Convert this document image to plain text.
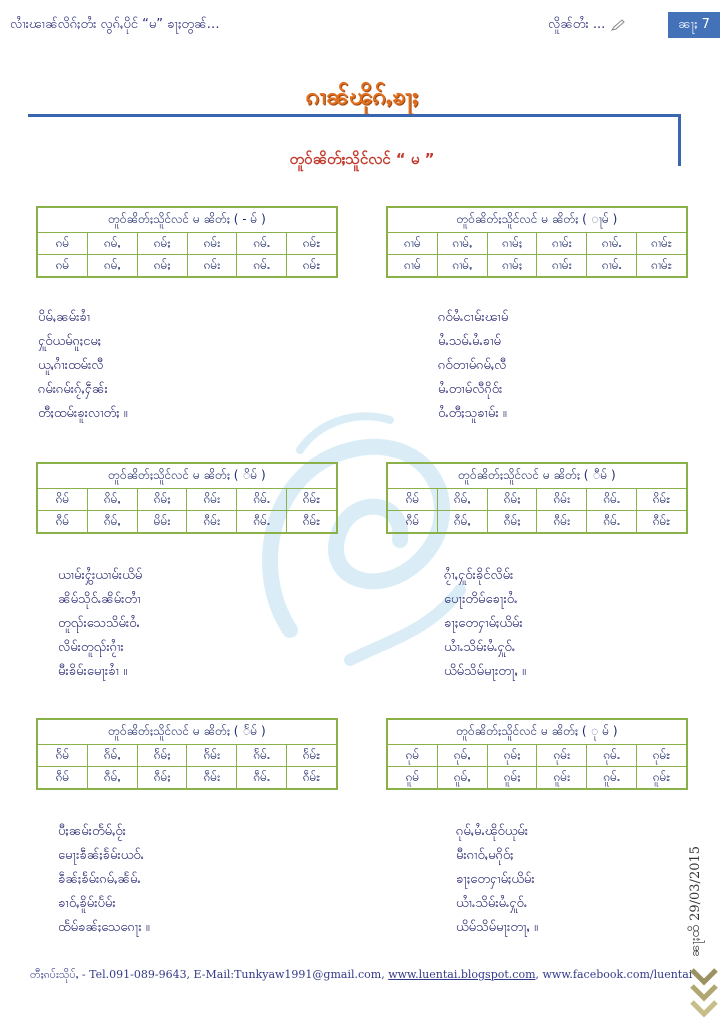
လၢႆးၽၢၼ်လိၵ်ႈတႆး လွၵ်ႇပိုင် “မ” ၶႃႈတွၼ်…	လိူၼ်တႆး ...	ၼႃႈ 7
ၵၢၼ်ၽိုၵ်ႇၶႃႈ
တူဝ်ၼိတ်ႈသိူင်လင် “ မ ”
တူဝ်ၼိတ်ႈသိူင်လင် မ ၼိတ်ႈ ( - မ် )					
ၵမ်	ၵမ်ႇ	ၵမ်ႈ	ၵမ်း	ၵမ်ႉ	ၵမ်ႊ
ၵမ်	ၵမ်ႇ	ၵမ်ႈ	ၵမ်း	ၵမ်ႉ	ၵမ်ႊ
တူဝ်ၼိတ်ႈသိူင်လင် မ ၼိတ်ႈ ( ႃမ် )					
ၵၢမ်	ၵၢမ်ႇ	ၵၢမ်ႈ	ၵၢမ်း	ၵၢမ်ႉ	ၵၢမ်ႊ
ၵၢမ်	ၵၢမ်ႇ	ၵၢမ်ႈ	ၵၢမ်း	ၵၢမ်ႉ	ၵၢမ်ႊ
ပိမ်ႇၼမ်းၶၢႆ
ႁူဝ်ယမ်ၵူႈငမႈ
ယူႇၵၢႆးထမ်းလီ
ၵမ်းၵမ်းၵႂ်ႇႁဵၼ်း
တီႈထမ်းၶူးလၢတ်ႈ ။
ၵဝ်မႆႉငၢမ်းၽၢမ်
မႆႉသမ်ႉမႆႉၶၢမ်
ၵဝ်တၢမ်ၵမ်ႇလီ
မႆႉတၢမ်လီၵိုဝ်း
ဝႆႉတီႈသူၶၢမ်း ။
တူဝ်ၼိတ်ႈသိူင်လင် မ ၼိတ်ႈ ( ိမ် )					
ၵိမ်	ၵိမ်ႇ	ၵိမ်ႈ	ၵိမ်း	ၵိမ်ႉ	ၵိမ်ႊ
ၵီမ်	ၵီမ်ႇ	မိမ်း	ၵီမ်း	ၵီမ်ႉ	ၵီမ်ႊ
တူဝ်ၼိတ်ႈသိူင်လင် မ ၼိတ်ႈ ( ီမ် )					
ၵိမ်	ၵိမ်ႇ	ၵိမ်ႈ	ၵိမ်း	ၵိမ်ႉ	ၵိမ်ႊ
ၵီမ်	ၵီမ်ႇ	ၵီမ်ႈ	ၵီမ်း	ၵီမ်ႉ	ၵီမ်ႊ
ယၢမ်းႁွႆးယၢမ်းယိမ်
ၼိမ်သိုဝ်ႉၼိမ်းတၢႆ
တူၺ်းသေသိမ်းဝႆႉ
လိမ်းတူၺ်းၵႂၢႆး
မီးၶိမ်းမေႃးၶၢႆ ။
ၵႂၢႆႇႁူဝ်းၶိုင်လိမ်း
ပေႃးတိမ်ၶေႃးဝႆႉ
ၶႃႈတေႁၢမ်ႈယိမ်း
ယၢႆႉသိမ်းမႆႉႁူဝ်ႉ
ယိမ်သိမ်မႃးတႃႇ ။
တူဝ်ၼိတ်ႈသိူင်လင် မ ၼိတ်ႈ ( ႅမ် )					
ၵႅမ်	ၵႅမ်ႇ	ၵႅမ်ႈ	ၵႅမ်း	ၵႅမ်ႉ	ၵႅမ်ႊ
ၵဵမ်	ၵဵမ်ႇ	ၵဵမ်ႈ	ၵဵမ်း	ၵဵမ်ႉ	ၵဵမ်ႊ
တူဝ်ၼိတ်ႈသိူင်လင် မ ၼိတ်ႈ ( ု မ် )					
ၵုမ်	ၵုမ်ႇ	ၵုမ်ႈ	ၵုမ်း	ၵုမ်ႉ	ၵုမ်ႊ
ၵူမ်	ၵူမ်ႇ	ၵူမ်ႈ	ၵူမ်း	ၵူမ်ႉ	ၵူမ်ႊ
ပီႈၼမ်းတႅမ်ႇဝႂ်း
မေႃးၶဵၼ်ႈၶႅမ်းယဝ်ႉ
ၶဵၼ်ႈၶႅမ်းၵမ်ႇၼႅမ်ႉ
ၶၢဝ်ႇၶိူမ်းပႅမ်း
ထႅမ်ၶၼ်ႈသေၵေႃး ။
ၵုမ်ႇမႆႉၽိုဝ်ယုမ်း
မီးၵၢဝ်ႇမၵိုဝ်ႈ
ၶႃႈတေႁၢမ်ႈယိမ်း
ယၢႆႉသိမ်းမႆႉႁူဝ်ႉ
ယိမ်သိမ်မႃးတႃႇ ။	ၼႃႈထိ 29/03/2015
တီႈၵပ်းသိုပ်ႇ - Tel.091-089-9643, E-Mail:Tunkyaw1991@gmail.com, www.luentai.blogspot.com, www.facebook.com/luentai
